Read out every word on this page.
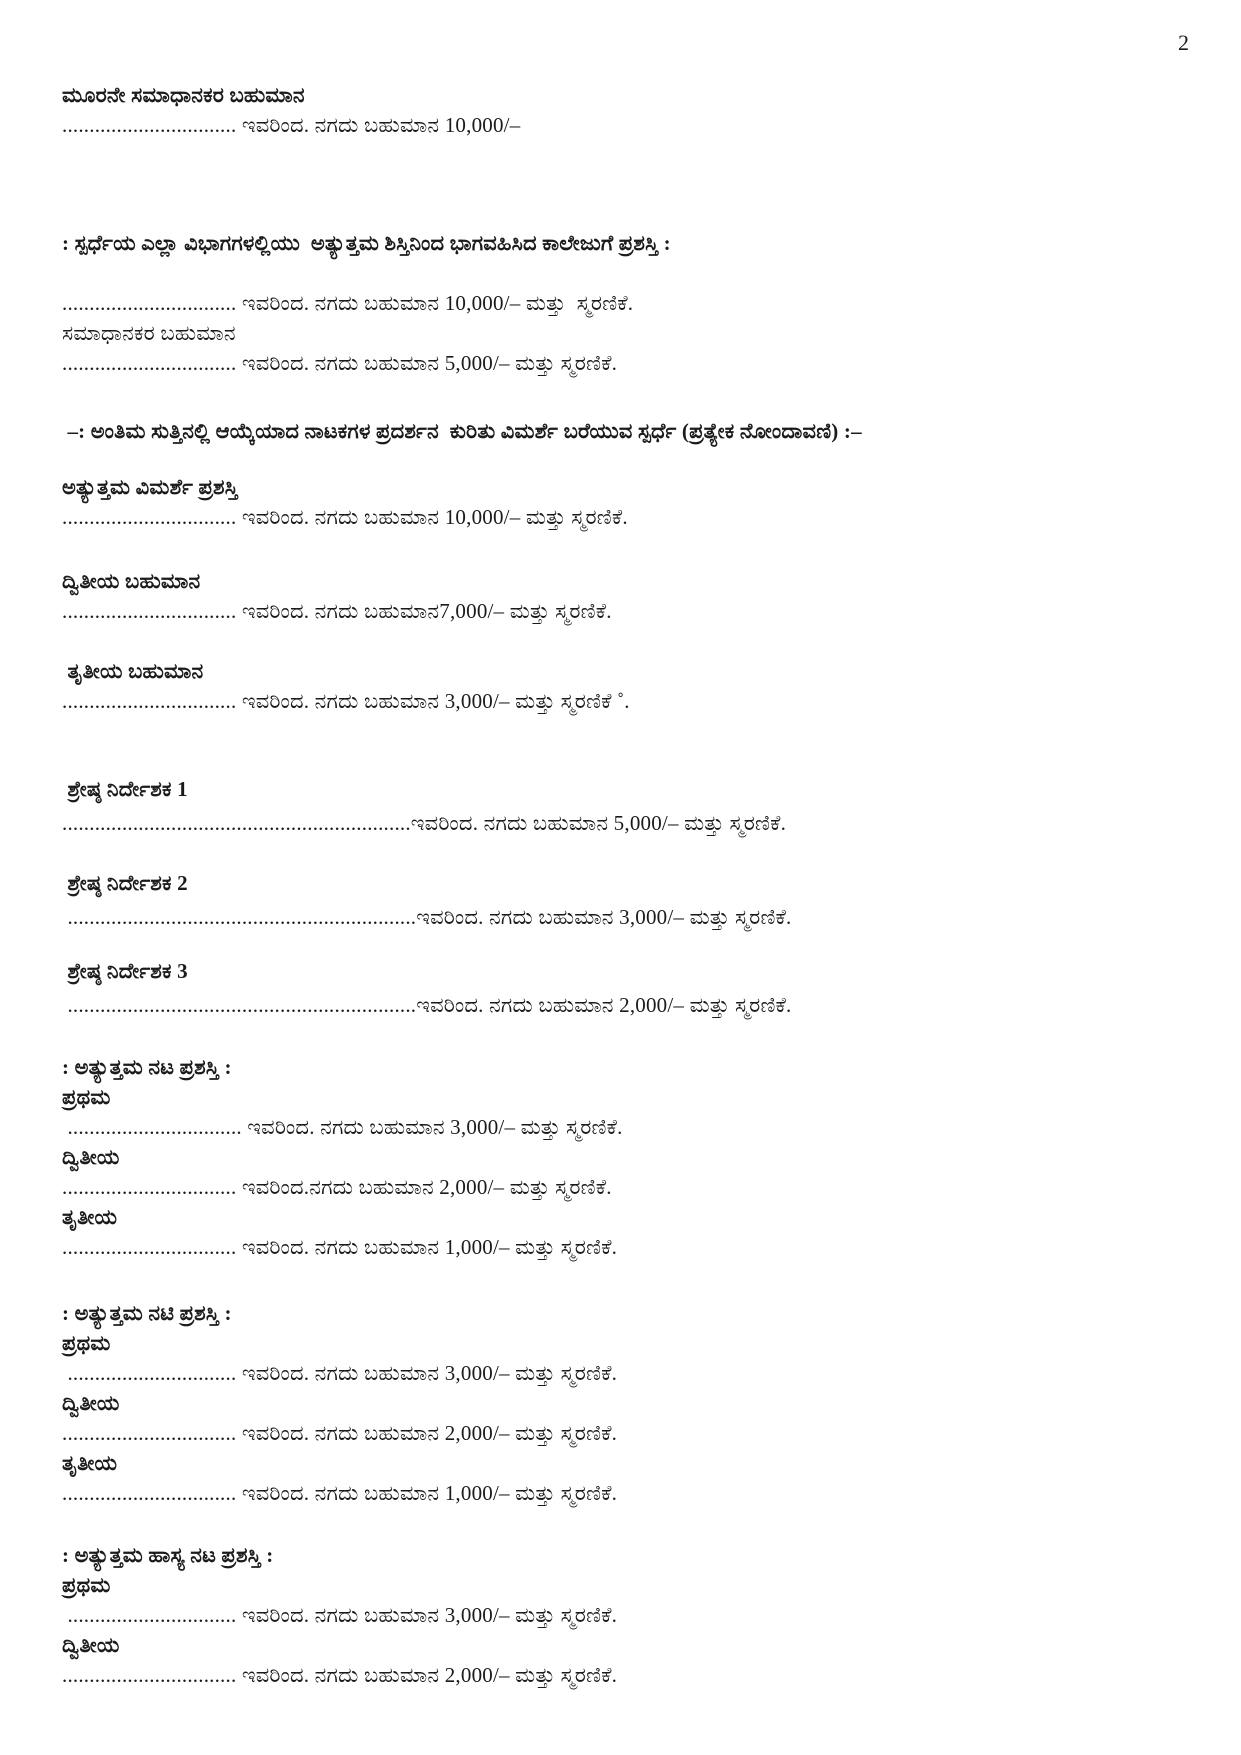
2
ಮೂರನೇ ಸಮಾಧಾನಕರ ಬಹುಮಾನ
................................ ಇವರಿಂದ. ನಗದು ಬಹುಮಾನ 10,000/–
: ಸ್ಪರ್ಧೆಯ ಎಲ್ಲಾ ವಿಭಾಗಗಳಲ್ಲಿಯು  ಅತ್ಯುತ್ತಮ ಶಿಸ್ತಿನಿಂದ ಭಾಗವಹಿಸಿದ ಕಾಲೇಜುಗೆ ಪ್ರಶಸ್ತಿ :
................................ ಇವರಿಂದ. ನಗದು ಬಹುಮಾನ 10,000/– ಮತ್ತು  ಸ್ಮರಣಿಕೆ.
ಸಮಾಧಾನಕರ ಬಹುಮಾನ
................................ ಇವರಿಂದ. ನಗದು ಬಹುಮಾನ 5,000/– ಮತ್ತು ಸ್ಮರಣಿಕೆ.
–: ಅಂತಿಮ ಸುತ್ತಿನಲ್ಲಿ ಆಯ್ಕೆಯಾದ ನಾಟಕಗಳ ಪ್ರದರ್ಶನ  ಕುರಿತು ವಿಮರ್ಶೆ ಬರೆಯುವ ಸ್ಪರ್ಧೆ (ಪ್ರತ್ಯೇಕ ನೋಂದಾವಣಿ) :–
ಅತ್ಯುತ್ತಮ ವಿಮರ್ಶೆ ಪ್ರಶಸ್ತಿ
................................ ಇವರಿಂದ. ನಗದು ಬಹುಮಾನ 10,000/– ಮತ್ತು ಸ್ಮರಣಿಕೆ.
ದ್ವಿತೀಯ ಬಹುಮಾನ
................................ ಇವರಿಂದ. ನಗದು ಬಹುಮಾನ7,000/– ಮತ್ತು ಸ್ಮರಣಿಕೆ.
ತೃತೀಯ ಬಹುಮಾನ
................................ ಇವರಿಂದ. ನಗದು ಬಹುಮಾನ 3,000/– ಮತ್ತು ಸ್ಮರಣಿಕೆ ˚.
ಶ್ರೇಷ್ಠ ನಿರ್ದೇಶಕ 1
................................................................ಇವರಿಂದ. ನಗದು ಬಹುಮಾನ 5,000/– ಮತ್ತು ಸ್ಮರಣಿಕೆ.
ಶ್ರೇಷ್ಠ ನಿರ್ದೇಶಕ 2
................................................................ಇವರಿಂದ. ನಗದು ಬಹುಮಾನ 3,000/– ಮತ್ತು ಸ್ಮರಣಿಕೆ.
ಶ್ರೇಷ್ಠ ನಿರ್ದೇಶಕ 3
................................................................ಇವರಿಂದ. ನಗದು ಬಹುಮಾನ 2,000/– ಮತ್ತು ಸ್ಮರಣಿಕೆ.
: ಅತ್ಯುತ್ತಮ ನಟ ಪ್ರಶಸ್ತಿ :
ಪ್ರಥಮ
................................ ಇವರಿಂದ. ನಗದು ಬಹುಮಾನ 3,000/– ಮತ್ತು ಸ್ಮರಣಿಕೆ.
ದ್ವಿತೀಯ
................................ ಇವರಿಂದ.ನಗದು ಬಹುಮಾನ 2,000/– ಮತ್ತು ಸ್ಮರಣಿಕೆ.
ತೃತೀಯ
................................ ಇವರಿಂದ. ನಗದು ಬಹುಮಾನ 1,000/– ಮತ್ತು ಸ್ಮರಣಿಕೆ.
: ಅತ್ಯುತ್ತಮ ನಟಿ ಪ್ರಶಸ್ತಿ :
ಪ್ರಥಮ
............................... ಇವರಿಂದ. ನಗದು ಬಹುಮಾನ 3,000/– ಮತ್ತು ಸ್ಮರಣಿಕೆ.
ದ್ವಿತೀಯ
................................ ಇವರಿಂದ. ನಗದು ಬಹುಮಾನ 2,000/– ಮತ್ತು ಸ್ಮರಣಿಕೆ.
ತೃತೀಯ
................................ ಇವರಿಂದ. ನಗದು ಬಹುಮಾನ 1,000/– ಮತ್ತು ಸ್ಮರಣಿಕೆ.
: ಅತ್ಯುತ್ತಮ ಹಾಸ್ಯ ನಟ ಪ್ರಶಸ್ತಿ :
ಪ್ರಥಮ
............................... ಇವರಿಂದ. ನಗದು ಬಹುಮಾನ 3,000/– ಮತ್ತು ಸ್ಮರಣಿಕೆ.
ದ್ವಿತೀಯ
................................ ಇವರಿಂದ. ನಗದು ಬಹುಮಾನ 2,000/– ಮತ್ತು ಸ್ಮರಣಿಕೆ.
